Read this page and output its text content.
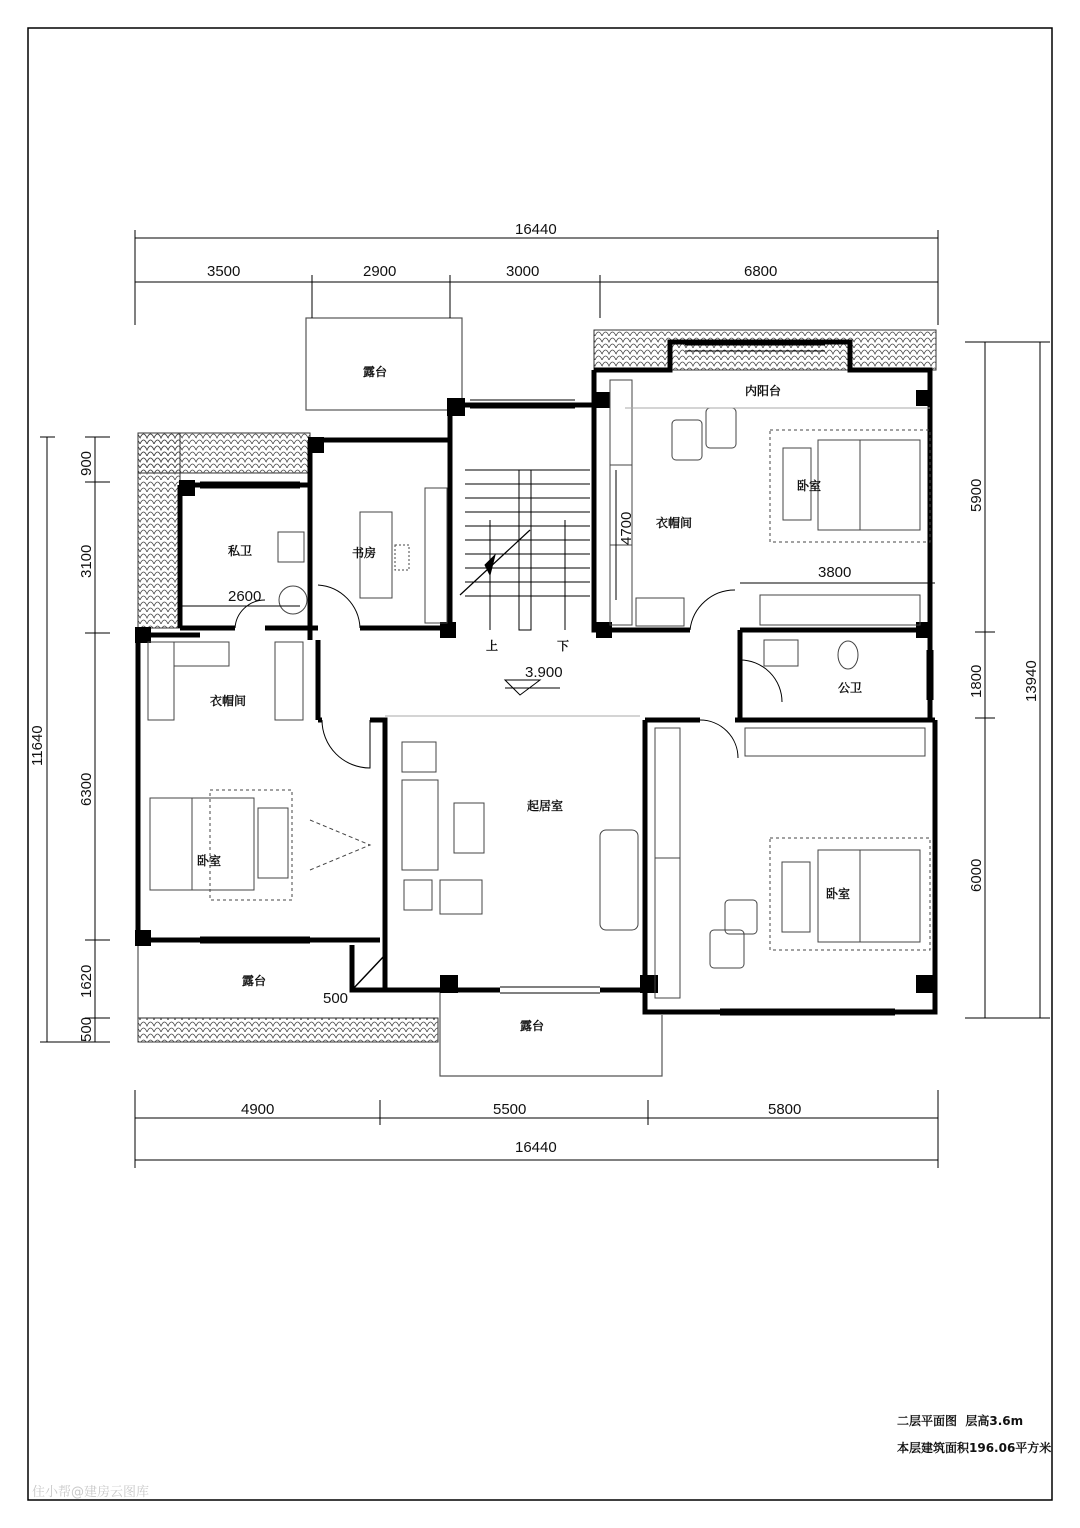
露台
内阳台
私卫	书房
衣帽间
卧室
衣帽间
公卫
起居室
卧室
卧室
露台
露台
上	下
3.900
16440
3500	2900	3000	6800
4900	5500	5800
16440
900
3100
6300
1620
500
11640
5900
1800
6000
13940
4700
3800
2600
500
二层平面图  层高3.6m
本层建筑面积196.06平方米
住小帮@建房云图库
